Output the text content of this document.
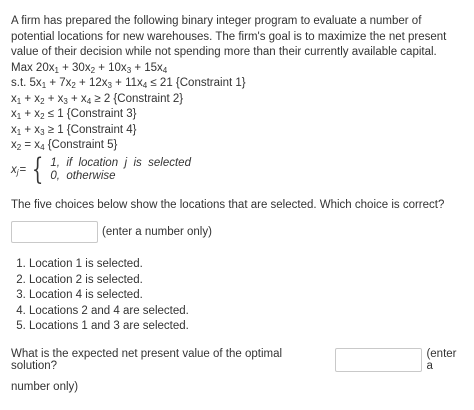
A firm has prepared the following binary integer program to evaluate a number of potential locations for new warehouses. The firm's goal is to maximize the net present value of their decision while not spending more than their currently available capital.

Max $20x_1 + 30x_2 + 10x_3 + 15x_4$
s.t. $5x_1 + 7x_2 + 12x_3 + 11x_4 \le 21$ {Constraint 1}
$x_1 + x_2 + x_3 + x_4 \ge 2$ {Constraint 2}
$x_1 + x_2 \le 1$ {Constraint 3}
$x_1 + x_3 \ge 1$ {Constraint 4}
$x_2 = x_4$ {Constraint 5}
$x_j$ = { 1,  if  location  j  is  selected
0,  otherwise

The five choices below show the locations that are selected. Which choice is correct?

(enter a number only)
1. Location 1 is selected.
2. Location 2 is selected.
3. Location 4 is selected.
4. Locations 2 and 4 are selected.
5. Locations 1 and 3 are selected.
What is the expected net present value of the optimal solution?
(enter a
number only)
